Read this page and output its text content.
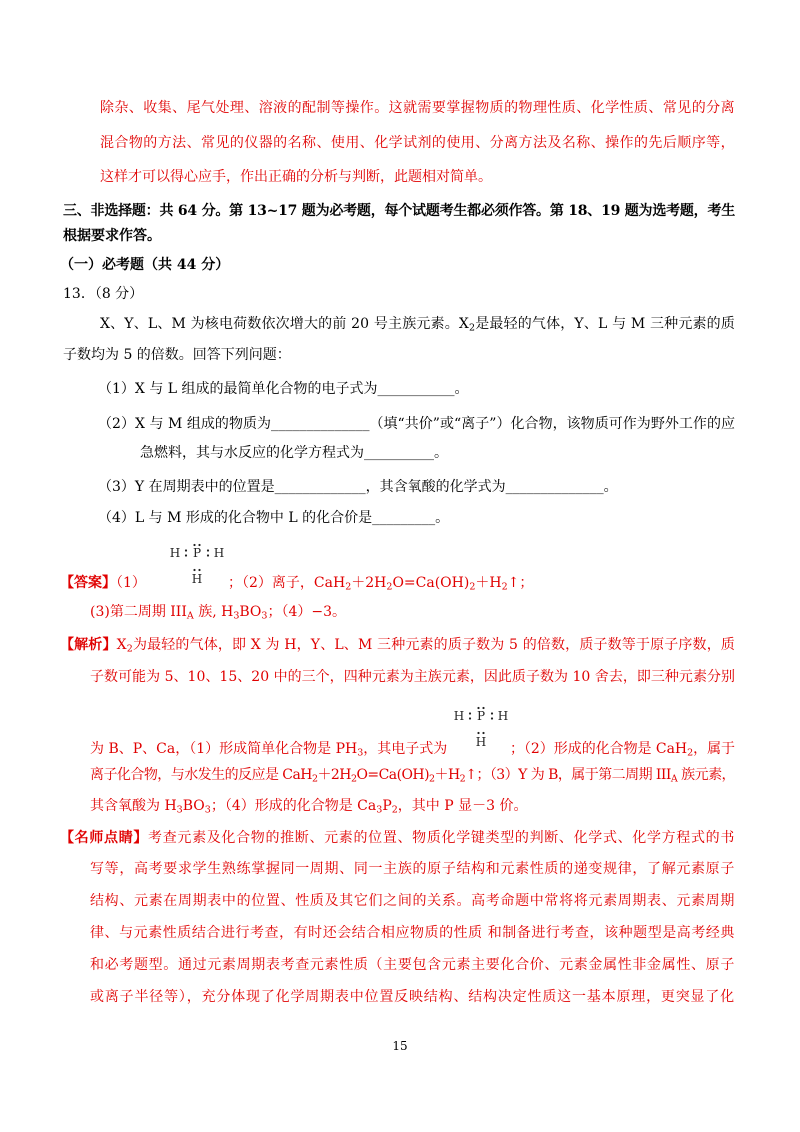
除杂、收集、尾气处理、溶液的配制等操作。这就需要掌握物质的物理性质、化学性质、常见的分离
混合物的方法、常见的仪器的名称、使用、化学试剂的使用、分离方法及名称、操作的先后顺序等，
这样才可以得心应手，作出正确的分析与判断，此题相对简单。
三、非选择题：共 64 分。第 13~17 题为必考题，每个试题考生都必须作答。第 18、19 题为选考题，考生
根据要求作答。
（一）必考题（共 44 分）
13．（8 分）
X、Y、L、M 为核电荷数依次增大的前 20 号主族元素。$X_2$是最轻的气体，Y、L 与 M 三种元素的质
子数均为 5 的倍数。回答下列问题：
（1）X 与 L 组成的最简单化合物的电子式为___________。
（2）X 与 M 组成的物质为______________（填“共价”或“离子”）化合物，该物质可作为野外工作的应
急燃料，其与水反应的化学方程式为__________。
（3）Y 在周期表中的位置是_____________，其含氧酸的化学式为______________。
（4）L 与 M 形成的化合物中 L 的化合价是_________。
H P H
H
【答案】（1）	；（2）离子，$CaH_2+2H_2O=Ca(OH)_2+H_2↑$；
(3)第二周期 $III_A$ 族, $H_3BO_3$；（4）−3。
【解析】$X_2$为最轻的气体，即 X 为 H，Y、L、M 三种元素的质子数为 5 的倍数，质子数等于原子序数，质
子数可能为 5、10、15、20 中的三个，四种元素为主族元素，因此质子数为 10 舍去，即三种元素分别
H P H
H
为 B、P、Ca，（1）形成简单化合物是 $PH_3$，其电子式为	；（2）形成的化合物是 CaH$_2$，属于
离子化合物，与水发生的反应是 $CaH_2+2H_2O=Ca(OH)_2+H_2↑$；（3）Y 为 B，属于第二周期 $III_A$ 族元素，
其含氧酸为 $H_3BO_3$；（4）形成的化合物是 $Ca_3P_2$，其中 P 显－3 价。
【名师点睛】考查元素及化合物的推断、元素的位置、物质化学键类型的判断、化学式、化学方程式的书
写等，高考要求学生熟练掌握同一周期、同一主族的原子结构和元素性质的递变规律，了解元素原子
结构、元素在周期表中的位置、性质及其它们之间的关系。高考命题中常将将元素周期表、元素周期
律、与元素性质结合进行考查，有时还会结合相应物质的性质 和制备进行考查，该种题型是高考经典
和必考题型。通过元素周期表考查元素性质（主要包含元素主要化合价、元素金属性非金属性、原子
或离子半径等），充分体现了化学周期表中位置反映结构、结构决定性质这一基本原理，更突显了化
15
